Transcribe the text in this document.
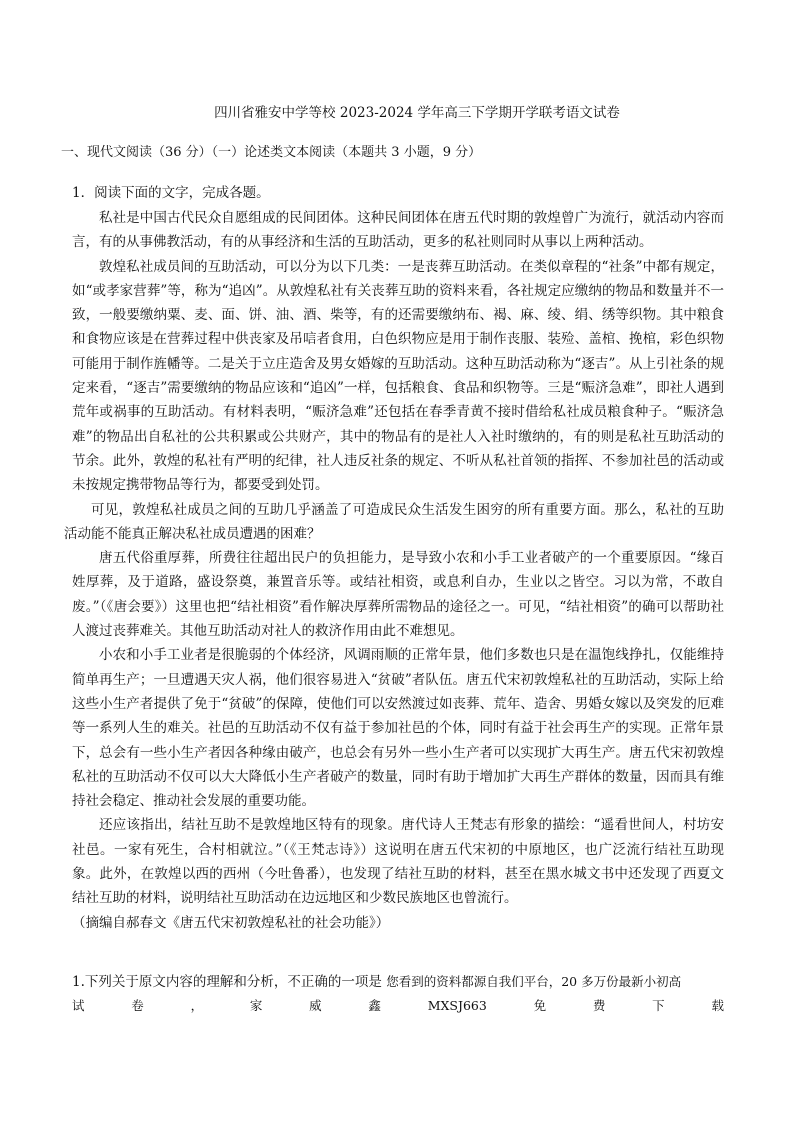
四川省雅安中学等校 2023-2024 学年高三下学期开学联考语文试卷
一、现代文阅读（36 分）（一）论述类文本阅读（本题共 3 小题，9 分）
1．阅读下面的文字，完成各题。

私社是中国古代民众自愿组成的民间团体。这种民间团体在唐五代时期的敦煌曾广为流行，就活动内容而言，有的从事佛教活动，有的从事经济和生活的互助活动，更多的私社则同时从事以上两种活动。

敦煌私社成员间的互助活动，可以分为以下几类：一是丧葬互助活动。在类似章程的“社条”中都有规定，如“或孝家营葬”等，称为“追凶”。从敦煌私社有关丧葬互助的资料来看，各社规定应缴纳的物品和数量并不一致，一般要缴纳粟、麦、面、饼、油、酒、柴等，有的还需要缴纳布、褐、麻、绫、绢、绣等织物。其中粮食和食物应该是在营葬过程中供丧家及吊唁者食用，白色织物应是用于制作丧服、装殓、盖棺、挽棺，彩色织物可能用于制作旌幡等。二是关于立庄造舍及男女婚嫁的互助活动。这种互助活动称为“逐吉”。从上引社条的规定来看，“逐吉”需要缴纳的物品应该和“追凶”一样，包括粮食、食品和织物等。三是“赈济急难”，即社人遇到荒年或祸事的互助活动。有材料表明，“赈济急难”还包括在春季青黄不接时借给私社成员粮食种子。“赈济急难”的物品出自私社的公共积累或公共财产，其中的物品有的是社人入社时缴纳的，有的则是私社互助活动的节余。此外，敦煌的私社有严明的纪律，社人违反社条的规定、不听从私社首领的指挥、不参加社邑的活动或未按规定携带物品等行为，都要受到处罚。

可见，敦煌私社成员之间的互助几乎涵盖了可造成民众生活发生困穷的所有重要方面。那么，私社的互助活动能不能真正解决私社成员遭遇的困难？

唐五代俗重厚葬，所费往往超出民户的负担能力，是导致小农和小手工业者破产的一个重要原因。“缘百姓厚葬，及于道路，盛设祭奠，兼置音乐等。或结社相资，或息利自办，生业以之皆空。习以为常，不敢自废。”（《唐会要》）这里也把“结社相资”看作解决厚葬所需物品的途径之一。可见，“结社相资”的确可以帮助社人渡过丧葬难关。其他互助活动对社人的救济作用由此不难想见。

小农和小手工业者是很脆弱的个体经济，风调雨顺的正常年景，他们多数也只是在温饱线挣扎，仅能维持简单再生产；一旦遭遇天灾人祸，他们很容易进入“贫破”者队伍。唐五代宋初敦煌私社的互助活动，实际上给这些小生产者提供了免于“贫破”的保障，使他们可以安然渡过如丧葬、荒年、造舍、男婚女嫁以及突发的厄难等一系列人生的难关。社邑的互助活动不仅有益于参加社邑的个体，同时有益于社会再生产的实现。正常年景下，总会有一些小生产者因各种缘由破产，也总会有另外一些小生产者可以实现扩大再生产。唐五代宋初敦煌私社的互助活动不仅可以大大降低小生产者破产的数量，同时有助于增加扩大再生产群体的数量，因而具有维持社会稳定、推动社会发展的重要功能。

还应该指出，结社互助不是敦煌地区特有的现象。唐代诗人王梵志有形象的描绘：“遥看世间人，村坊安社邑。一家有死生，合村相就泣。”（《王梵志诗》）这说明在唐五代宋初的中原地区，也广泛流行结社互助现象。此外，在敦煌以西的西州（今吐鲁番），也发现了结社互助的材料，甚至在黑水城文书中还发现了西夏文结社互助的材料，说明结社互助活动在边远地区和少数民族地区也曾流行。

（摘编自郝春文《唐五代宋初敦煌私社的社会功能》）

1.下列关于原文内容的理解和分析，不正确的一项是 您看到的资料都源自我们平台，20 多万份最新小初高
试	卷	，	家	威	鑫	MXSJ663	免	费	下	载
